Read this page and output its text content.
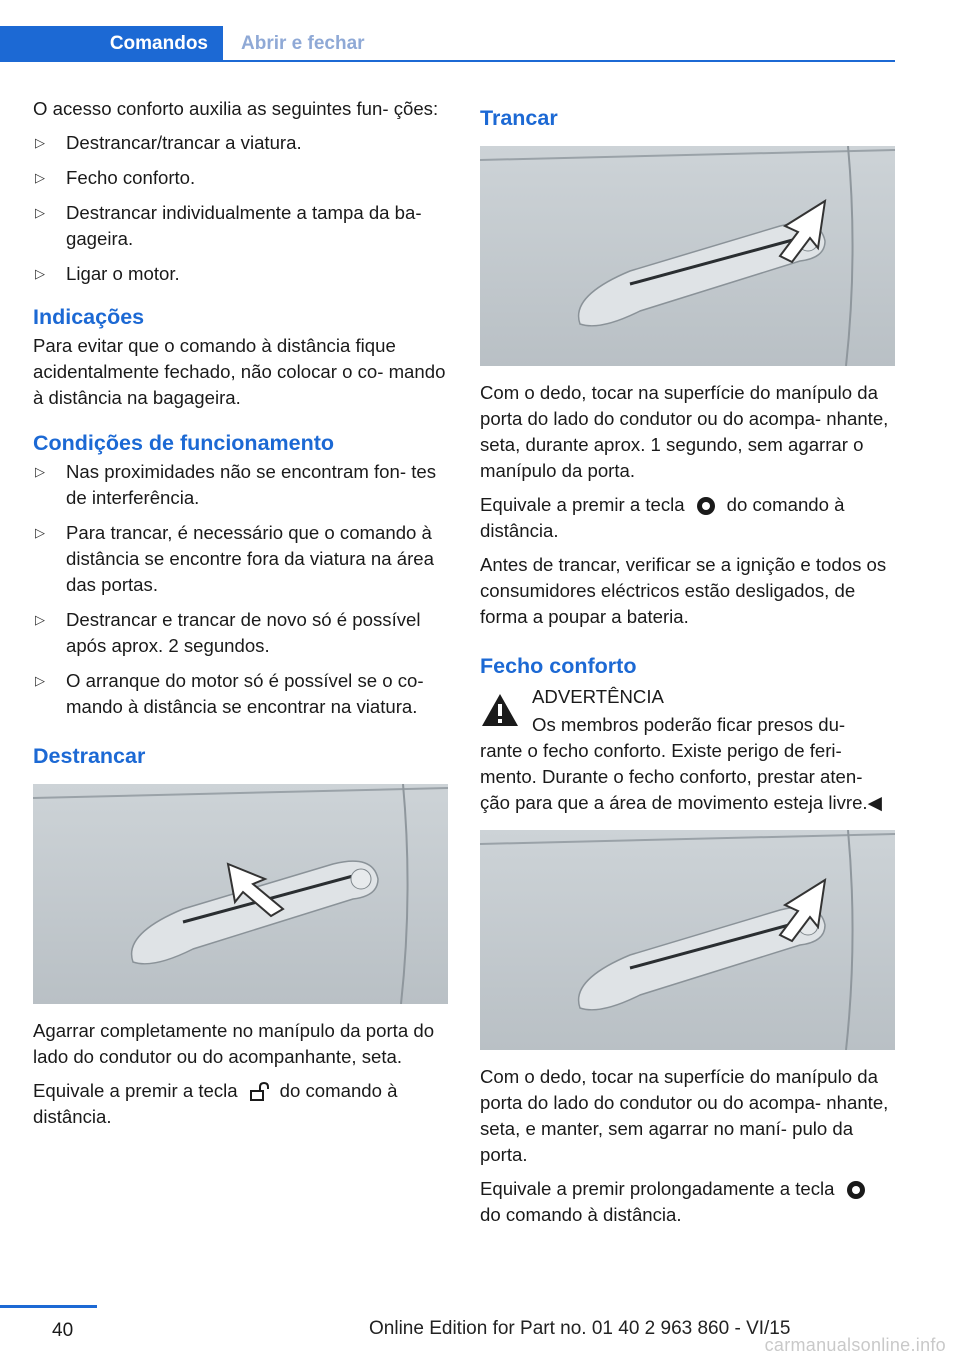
Comandos	Abrir e fechar

O acesso conforto auxilia as seguintes fun‐ ções:

▷ Destrancar/trancar a viatura.
▷ Fecho conforto.
▷ Destrancar individualmente a tampa da ba‐ gageira.
▷ Ligar o motor.
Indicações

Para evitar que o comando à distância fique acidentalmente fechado, não colocar o co‐ mando à distância na bagageira.

Condições de funcionamento
▷ Nas proximidades não se encontram fon‐ tes de interferência.
▷ Para trancar, é necessário que o comando à distância se encontre fora da viatura na área das portas.
▷ Destrancar e trancar de novo só é possível após aprox. 2 segundos.
▷ O arranque do motor só é possível se o co‐ mando à distância se encontrar na viatura.
Destrancar

Agarrar completamente no manípulo da porta do lado do condutor ou do acompanhante, seta.

Equivale a premir a tecla do comando à distância.

Trancar

Com o dedo, tocar na superfície do manípulo da porta do lado do condutor ou do acompa‐ nhante, seta, durante aprox. 1 segundo, sem agarrar o manípulo da porta.

Equivale a premir a tecla do comando à distância.

Antes de trancar, verificar se a ignição e todos os consumidores eléctricos estão desligados, de forma a poupar a bateria.

Fecho conforto
ADVERTÊNCIA
Os membros poderão ficar presos du‐

rante o fecho conforto. Existe perigo de feri‐ mento. Durante o fecho conforto, prestar aten‐ ção para que a área de movimento esteja livre.◀

Com o dedo, tocar na superfície do manípulo da porta do lado do condutor ou do acompa‐ nhante, seta, e manter, sem agarrar no maní‐ pulo da porta.

Equivale a premir prolongadamente a teclado comando à distância.

40	Online Edition for Part no. 01 40 2 963 860 - VI/15
carmanualsonline.info
